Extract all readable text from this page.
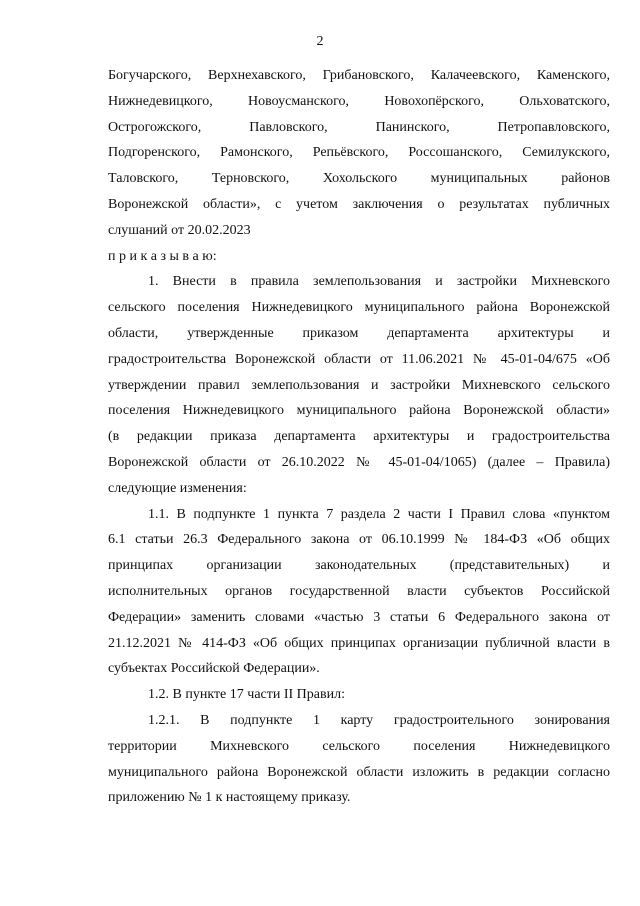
2
Богучарского, Верхнехавского, Грибановского, Калачеевского, Каменского,
Нижнедевицкого, Новоусманского, Новохопёрского, Ольховатского,
Острогожского, Павловского, Панинского, Петропавловского,
Подгоренского, Рамонского, Репьёвского, Россошанского, Семилукского,
Таловского, Терновского, Хохольского муниципальных районов
Воронежской области», с учетом заключения о результатах публичных
слушаний от 20.02.2023
п р и к а з ы в а ю:
1. Внести в правила землепользования и застройки Михневского
сельского поселения Нижнедевицкого муниципального района Воронежской
области, утвержденные приказом департамента архитектуры и
градостроительства Воронежской области от 11.06.2021 № 45-01-04/675 «Об
утверждении правил землепользования и застройки Михневского сельского
поселения Нижнедевицкого муниципального района Воронежской области»
(в редакции приказа департамента архитектуры и градостроительства
Воронежской области от 26.10.2022 № 45-01-04/1065) (далее – Правила)
следующие изменения:
1.1. В подпункте 1 пункта 7 раздела 2 части I Правил слова «пунктом
6.1 статьи 26.3 Федерального закона от 06.10.1999 № 184-ФЗ «Об общих
принципах организации законодательных (представительных) и
исполнительных органов государственной власти субъектов Российской
Федерации» заменить словами «частью 3 статьи 6 Федерального закона от
21.12.2021 № 414-ФЗ «Об общих принципах организации публичной власти в
субъектах Российской Федерации».
1.2. В пункте 17 части II Правил:
1.2.1. В подпункте 1 карту градостроительного зонирования
территории Михневского сельского поселения Нижнедевицкого
муниципального района Воронежской области изложить в редакции согласно
приложению № 1 к настоящему приказу.
